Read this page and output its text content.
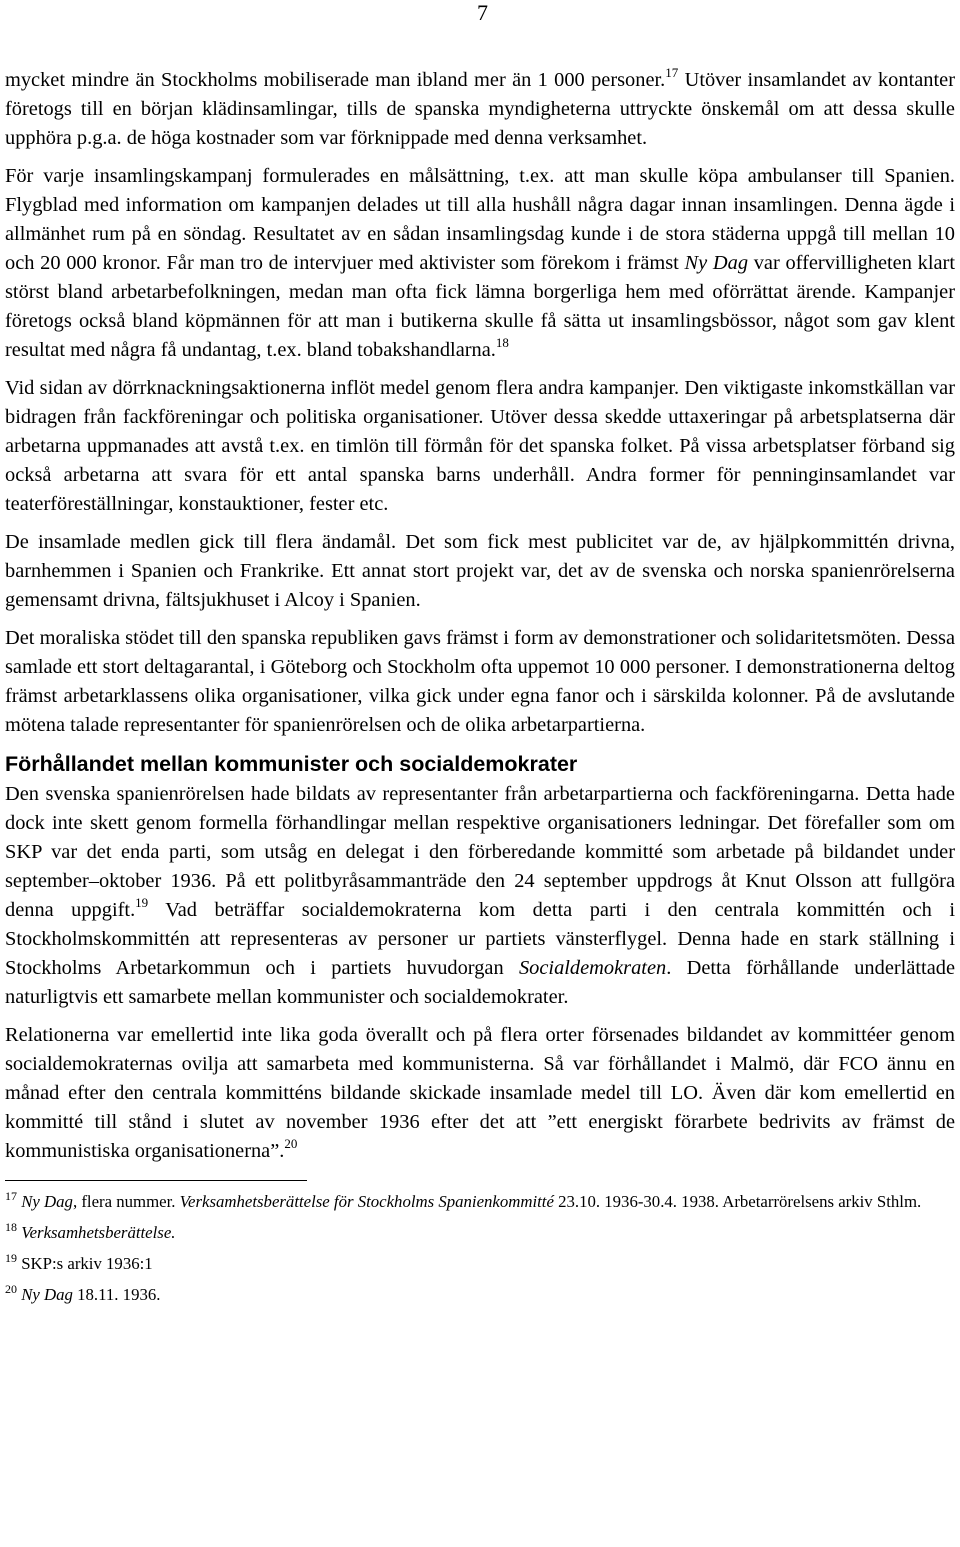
7

mycket mindre än Stockholms mobiliserade man ibland mer än 1 000 personer.$^{17}$ Utöver insamlandet av kontanter företogs till en början klädinsamlingar, tills de spanska myndigheterna uttryckte önskemål om att dessa skulle upphöra p.g.a. de höga kostnader som var förknippade med denna verksamhet.

För varje insamlingskampanj formulerades en målsättning, t.ex. att man skulle köpa ambulanser till Spanien. Flygblad med information om kampanjen delades ut till alla hushåll några dagar innan insamlingen. Denna ägde i allmänhet rum på en söndag. Resultatet av en sådan insamlingsdag kunde i de stora städerna uppgå till mellan 10 och 20 000 kronor. Får man tro de intervjuer med aktivister som förekom i främst Ny Dag var offervilligheten klart störst bland arbetarbefolkningen, medan man ofta fick lämna borgerliga hem med oförrättat ärende. Kampanjer företogs också bland köpmännen för att man i butikerna skulle få sätta ut insamlingsbössor, något som gav klent resultat med några få undantag, t.ex. bland tobakshandlarna.$^{18}$

Vid sidan av dörrknackningsaktionerna inflöt medel genom flera andra kampanjer. Den viktigaste inkomstkällan var bidragen från fackföreningar och politiska organisationer. Utöver dessa skedde uttaxeringar på arbetsplatserna där arbetarna uppmanades att avstå t.ex. en timlön till förmån för det spanska folket. På vissa arbetsplatser förband sig också arbetarna att svara för ett antal spanska barns underhåll. Andra former för penninginsamlandet var teaterföreställningar, konstauktioner, fester etc.

De insamlade medlen gick till flera ändamål. Det som fick mest publicitet var de, av hjälpkommittén drivna, barnhemmen i Spanien och Frankrike. Ett annat stort projekt var, det av de svenska och norska spanienrörelserna gemensamt drivna, fältsjukhuset i Alcoy i Spanien.

Det moraliska stödet till den spanska republiken gavs främst i form av demonstrationer och solidaritetsmöten. Dessa samlade ett stort deltagarantal, i Göteborg och Stockholm ofta uppemot 10 000 personer. I demonstrationerna deltog främst arbetarklassens olika organisationer, vilka gick under egna fanor och i särskilda kolonner. På de avslutande mötena talade representanter för spanienrörelsen och de olika arbetarpartierna.

Förhållandet mellan kommunister och socialdemokrater

Den svenska spanienrörelsen hade bildats av representanter från arbetarpartierna och fackföreningarna. Detta hade dock inte skett genom formella förhandlingar mellan respektive organisationers ledningar. Det förefaller som om SKP var det enda parti, som utsåg en delegat i den förberedande kommitté som arbetade på bildandet under september–oktober 1936. På ett politbyråsammanträde den 24 september uppdrogs åt Knut Olsson att fullgöra denna uppgift.$^{19}$ Vad beträffar socialdemokraterna kom detta parti i den centrala kommittén och i Stockholmskommittén att representeras av personer ur partiets vänsterflygel. Denna hade en stark ställning i Stockholms Arbetarkommun och i partiets huvudorgan Socialdemokraten. Detta förhållande underlättade naturligtvis ett samarbete mellan kommunister och socialdemokrater.

Relationerna var emellertid inte lika goda överallt och på flera orter försenades bildandet av kommittéer genom socialdemokraternas ovilja att samarbeta med kommunisterna. Så var förhållandet i Malmö, där FCO ännu en månad efter den centrala kommitténs bildande skickade insamlade medel till LO. Även där kom emellertid en kommitté till stånd i slutet av november 1936 efter det att ”ett energiskt förarbete bedrivits av främst de kommunistiska organisationerna”.$^{20}$

$^{17}$ Ny Dag, flera nummer. Verksamhetsberättelse för Stockholms Spanienkommitté 23.10. 1936-30.4. 1938. Arbetarrörelsens arkiv Sthlm.

$^{18}$ Verksamhetsberättelse.

$^{19}$ SKP:s arkiv 1936:1

$^{20}$ Ny Dag 18.11. 1936.
